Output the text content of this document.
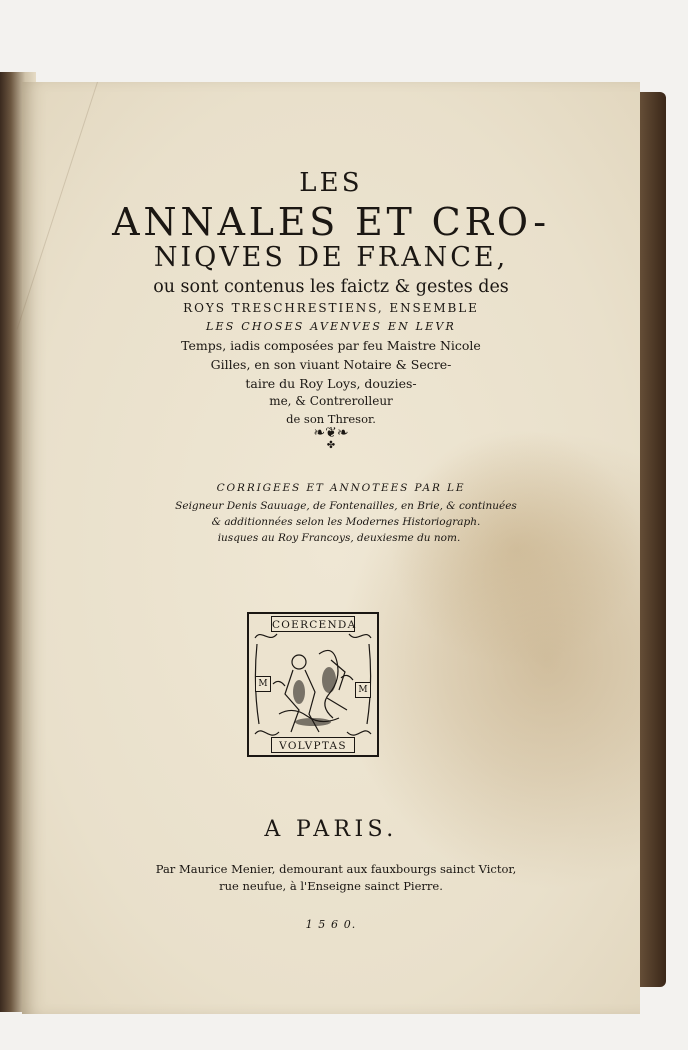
LES
ANNALES ET CRO-
NIQVES DE FRANCE,
ou sont contenus les faictz & gestes des
ROYS TRESCHRESTIENS, ENSEMBLE
LES CHOSES AVENVES EN LEVR
Temps, iadis composées par feu Maistre Nicole
Gilles, en son viuant Notaire & Secre-
taire du Roy Loys, douzies-
me, & Contrerolleur
de son Thresor.
❧❦❧
✤
CORRIGEES ET ANNOTEES PAR LE
Seigneur Denis Sauuage, de Fontenailles, en Brie, & continuées
& additionnées selon les Modernes Historiograph.
iusques au Roy Francoys, deuxiesme du nom.
COERCENDA
VOLVPTAS
M
M
A PARIS.
Par Maurice Menier, demourant aux fauxbourgs sainct Victor,
rue neufue, à l'Enseigne sainct Pierre.
1 5 6 0.
